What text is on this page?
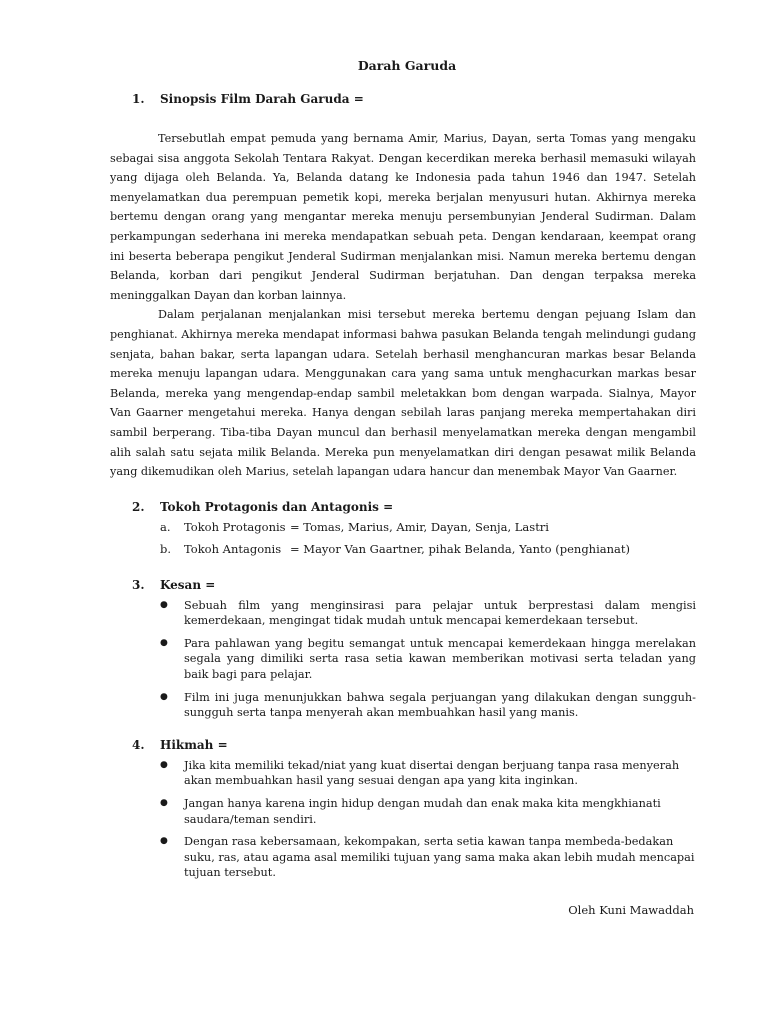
Darah Garuda
1.	Sinopsis Film Darah Garuda =

Tersebutlah empat pemuda yang bernama Amir, Marius, Dayan, serta Tomas yang mengaku sebagai sisa anggota Sekolah Tentara Rakyat. Dengan kecerdikan mereka berhasil memasuki wilayah yang dijaga oleh Belanda. Ya, Belanda datang ke Indonesia pada tahun 1946 dan 1947. Setelah menyelamatkan dua perempuan pemetik kopi, mereka berjalan menyusuri hutan. Akhirnya mereka bertemu dengan orang yang mengantar mereka menuju persembunyian Jenderal Sudirman. Dalam perkampungan sederhana ini mereka mendapatkan sebuah peta. Dengan kendaraan, keempat orang ini beserta beberapa pengikut Jenderal Sudirman menjalankan misi. Namun mereka bertemu dengan Belanda, korban dari pengikut Jenderal Sudirman berjatuhan. Dan dengan terpaksa mereka meninggalkan Dayan dan korban lainnya.

Dalam perjalanan menjalankan misi tersebut mereka bertemu dengan pejuang Islam dan penghianat. Akhirnya mereka mendapat informasi bahwa pasukan Belanda tengah melindungi gudang senjata, bahan bakar, serta lapangan udara. Setelah berhasil menghancuran markas besar Belanda mereka menuju lapangan udara. Menggunakan cara yang sama untuk menghacurkan markas besar Belanda, mereka yang mengendap-endap sambil meletakkan bom dengan warpada. Sialnya, Mayor Van Gaarner mengetahui mereka. Hanya dengan sebilah laras panjang mereka mempertahakan diri sambil berperang. Tiba-tiba Dayan muncul dan berhasil menyelamatkan mereka dengan mengambil alih salah satu sejata milik Belanda. Mereka pun menyelamatkan diri dengan pesawat milik Belanda yang dikemudikan oleh Marius, setelah lapangan udara hancur dan menembak Mayor Van Gaarner.

2.	Tokoh Protagonis dan Antagonis =
a.	Tokoh Protagonis = Tomas, Marius, Amir, Dayan, Senja, Lastri
b.	Tokoh Antagonis = Mayor Van Gaartner, pihak Belanda, Yanto (penghianat)
3.	Kesan =
●	Sebuah film yang menginsirasi para pelajar untuk berprestasi dalam mengisi kemerdekaan, mengingat tidak mudah untuk mencapai kemerdekaan tersebut.
●	Para pahlawan yang begitu semangat untuk mencapai kemerdekaan hingga merelakan segala yang dimiliki serta rasa setia kawan memberikan motivasi serta teladan yang baik bagi para pelajar.
●	Film ini juga menunjukkan bahwa segala perjuangan yang dilakukan dengan sungguh-sungguh serta tanpa menyerah akan membuahkan hasil yang manis.
4.	Hikmah =
●	Jika kita memiliki tekad/niat yang kuat disertai dengan berjuang tanpa rasa menyerah akan membuahkan hasil yang sesuai dengan apa yang kita inginkan.
●	Jangan hanya karena ingin hidup dengan mudah dan enak maka kita mengkhianati saudara/teman sendiri.
●	Dengan rasa kebersamaan, kekompakan, serta setia kawan tanpa membeda-bedakan suku, ras, atau agama asal memiliki tujuan yang sama maka akan lebih mudah mencapai tujuan tersebut.
Oleh Kuni Mawaddah
